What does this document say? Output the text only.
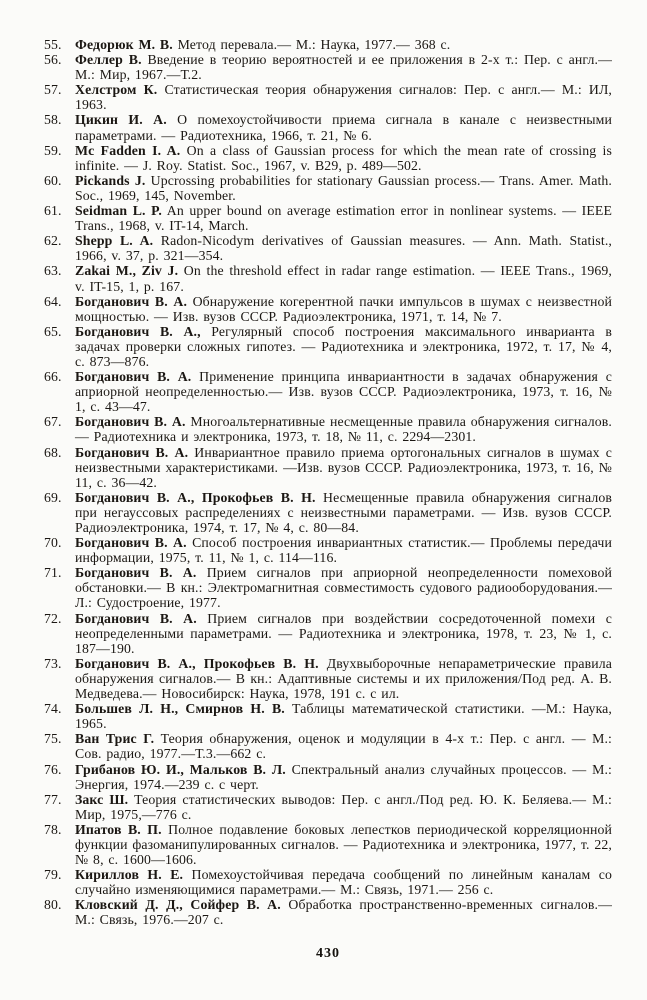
55. Федорюк М. В. Метод перевала.— М.: Наука, 1977.— 368 с.
56. Феллер В. Введение в теорию вероятностей и ее приложения в 2-х т.: Пер. с англ.— М.: Мир, 1967.—Т.2.
57. Хелстром К. Статистическая теория обнаружения сигналов: Пер. с англ.— М.: ИЛ, 1963.
58. Цикин И. А. О помехоустойчивости приема сигнала в канале с неизвестными параметрами. — Радиотехника, 1966, т. 21, № 6.
59. Mc Fadden I. A. On a class of Gaussian process for which the mean rate of crossing is infinite. — J. Roy. Statist. Soc., 1967, v. B29, p. 489—502.
60. Pickands J. Upcrossing probabilities for stationary Gaussian process.— Trans. Amer. Math. Soc., 1969, 145, November.
61. Seidman L. P. An upper bound on average estimation error in nonlinear systems. — IEEE Trans., 1968, v. IT-14, March.
62. Shepp L. A. Radon-Nicodym derivatives of Gaussian measures. — Ann. Math. Statist., 1966, v. 37, p. 321—354.
63. Zakai M., Ziv J. On the threshold effect in radar range estimation. — IEEE Trans., 1969, v. IT-15, 1, p. 167.
64. Богданович В. А. Обнаружение когерентной пачки импульсов в шумах с неизвестной мощностью. — Изв. вузов СССР. Радиоэлектроника, 1971, т. 14, № 7.
65. Богданович В. А., Регулярный способ построения максимального инварианта в задачах проверки сложных гипотез. — Радиотехника и электроника, 1972, т. 17, № 4, с. 873—876.
66. Богданович В. А. Применение принципа инвариантности в задачах обнаружения с априорной неопределенностью.— Изв. вузов СССР. Радиоэлектроника, 1973, т. 16, № 1, с. 43—47.
67. Богданович В. А. Многоальтернативные несмещенные правила обнаружения сигналов.— Радиотехника и электроника, 1973, т. 18, № 11, с. 2294—2301.
68. Богданович В. А. Инвариантное правило приема ортогональных сигналов в шумах с неизвестными характеристиками. —Изв. вузов СССР. Радиоэлектроника, 1973, т. 16, № 11, с. 36—42.
69. Богданович В. А., Прокофьев В. Н. Несмещенные правила обнаружения сигналов при негауссовых распределениях с неизвестными параметрами. — Изв. вузов СССР. Радиоэлектроника, 1974, т. 17, № 4, с. 80—84.
70. Богданович В. А. Способ построения инвариантных статистик.— Проблемы передачи информации, 1975, т. 11, № 1, с. 114—116.
71. Богданович В. А. Прием сигналов при априорной неопределенности помеховой обстановки.— В кн.: Электромагнитная совместимость судового радиооборудования.— Л.: Судостроение, 1977.
72. Богданович В. А. Прием сигналов при воздействии сосредоточенной помехи с неопределенными параметрами. — Радиотехника и электроника, 1978, т. 23, № 1, с. 187—190.
73. Богданович В. А., Прокофьев В. Н. Двухвыборочные непараметрические правила обнаружения сигналов.— В кн.: Адаптивные системы и их приложения/Под ред. А. В. Медведева.— Новосибирск: Наука, 1978, 191 с. с ил.
74. Большев Л. Н., Смирнов Н. В. Таблицы математической статистики. —М.: Наука, 1965.
75. Ван Трис Г. Теория обнаружения, оценок и модуляции в 4-х т.: Пер. с англ. — М.: Сов. радио, 1977.—Т.3.—662 с.
76. Грибанов Ю. И., Мальков В. Л. Спектральный анализ случайных процессов. — М.: Энергия, 1974.—239 с. с черт.
77. Закс Ш. Теория статистических выводов: Пер. с англ./Под ред. Ю. К. Беляева.— М.: Мир, 1975,—776 с.
78. Ипатов В. П. Полное подавление боковых лепестков периодической корреляционной функции фазоманипулированных сигналов. — Радиотехника и электроника, 1977, т. 22, № 8, с. 1600—1606.
79. Кириллов Н. Е. Помехоустойчивая передача сообщений по линейным каналам со случайно изменяющимися параметрами.— М.: Связь, 1971.— 256 с.
80. Кловский Д. Д., Сойфер В. А. Обработка пространственно-временных сигналов.— М.: Связь, 1976.—207 с.
430
